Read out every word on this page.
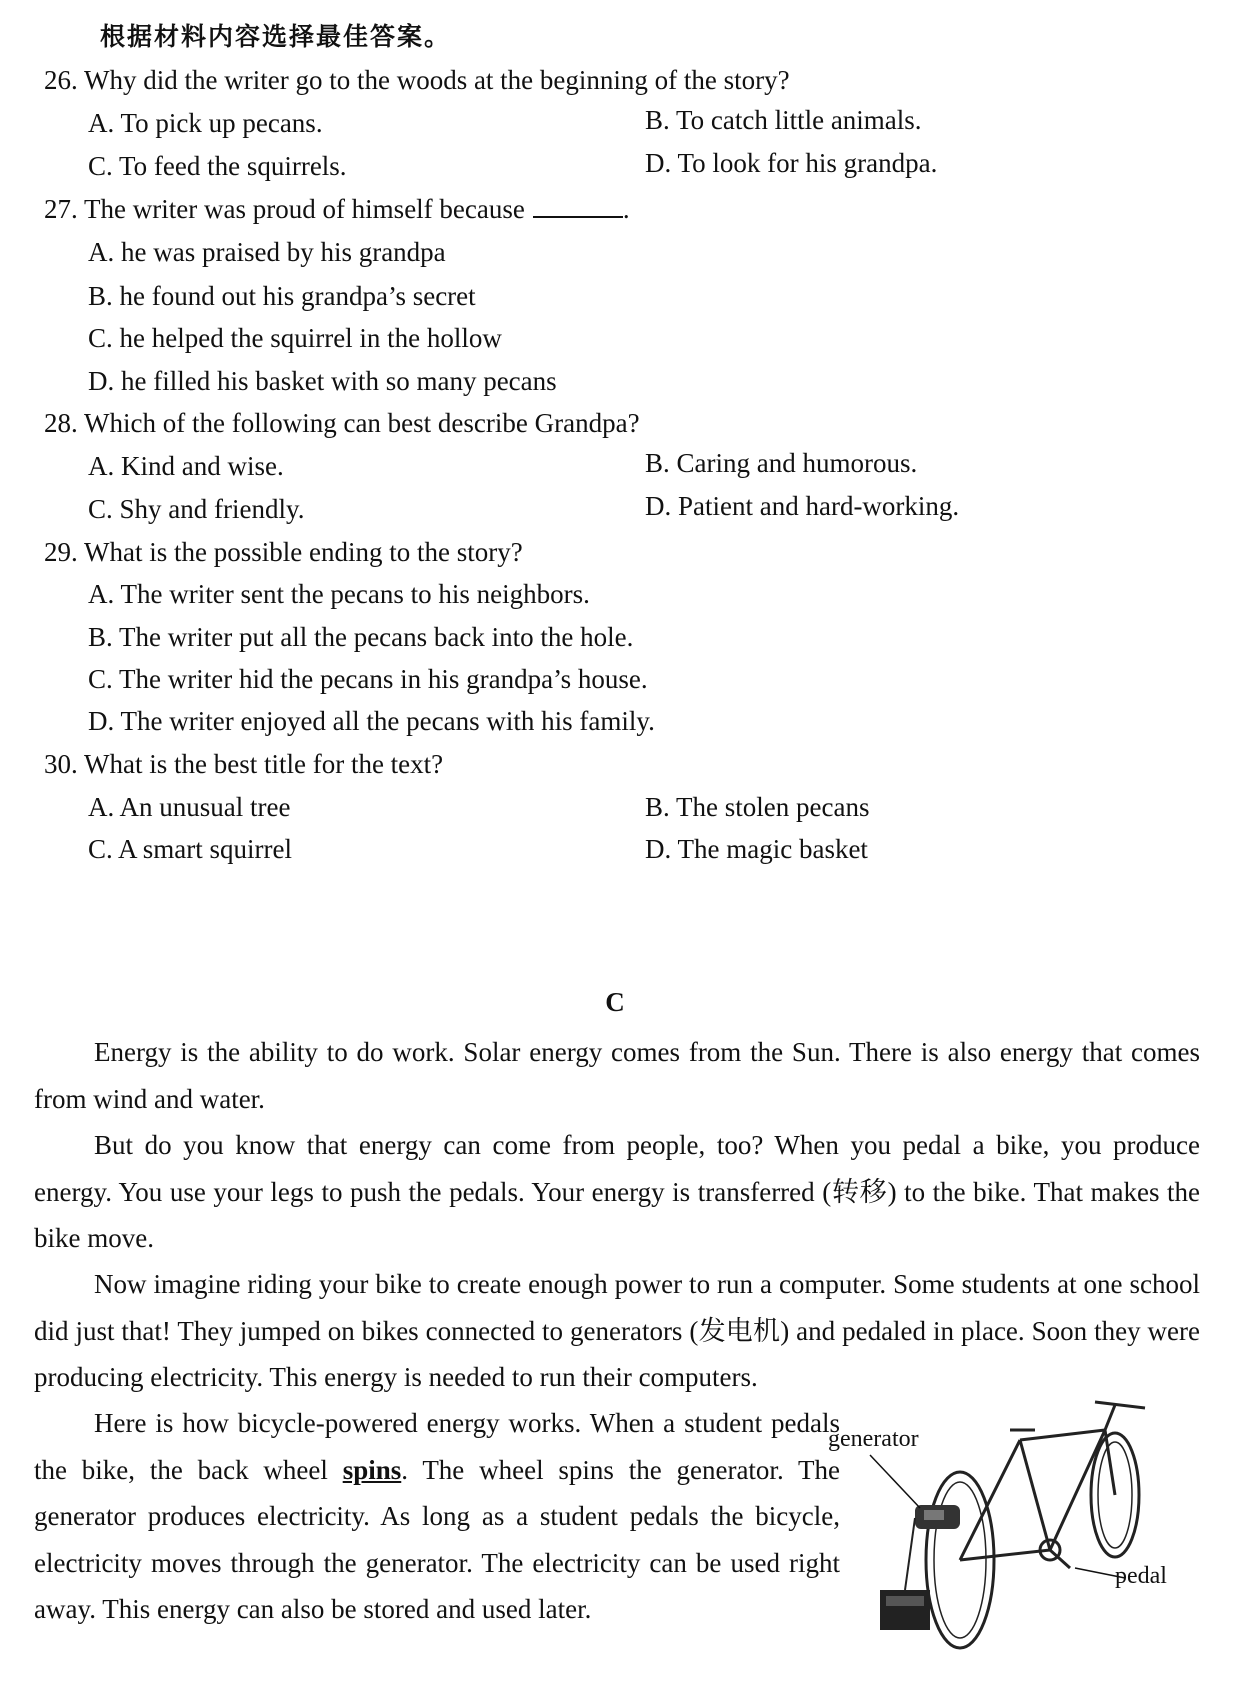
根据材料内容选择最佳答案。
26. Why did the writer go to the woods at the beginning of the story?
A. To pick up pecans.	B. To catch little animals.
C. To feed the squirrels.	D. To look for his grandpa.
27. The writer was proud of himself because	.
A. he was praised by his grandpa
B. he found out his grandpa’s secret
C. he helped the squirrel in the hollow
D. he filled his basket with so many pecans
28. Which of the following can best describe Grandpa?
A. Kind and wise.	B. Caring and humorous.
C. Shy and friendly.	D. Patient and hard-working.
29. What is the possible ending to the story?
A. The writer sent the pecans to his neighbors.
B. The writer put all the pecans back into the hole.
C. The writer hid the pecans in his grandpa’s house.
D. The writer enjoyed all the pecans with his family.
30. What is the best title for the text?
A. An unusual tree	B. The stolen pecans
C. A smart squirrel	D. The magic basket
C
Energy is the ability to do work. Solar energy comes from the Sun. There is also energy that comes from wind and water.
But do you know that energy can come from people, too? When you pedal a bike, you produce energy. You use your legs to push the pedals. Your energy is transferred (转移) to the bike. That makes the bike move.
Now imagine riding your bike to create enough power to run a computer. Some students at one school did just that! They jumped on bikes connected to generators (发电机) and pedaled in place. Soon they were producing electricity. This energy is needed to run their computers.
Here is how bicycle-powered energy works. When a student pedals the bike, the back wheel spins. The wheel spins the generator. The generator produces electricity. As long as a student pedals the bicycle, electricity moves through the generator. The electricity can be used right away. This energy can also be stored and used later.
generator
pedal
